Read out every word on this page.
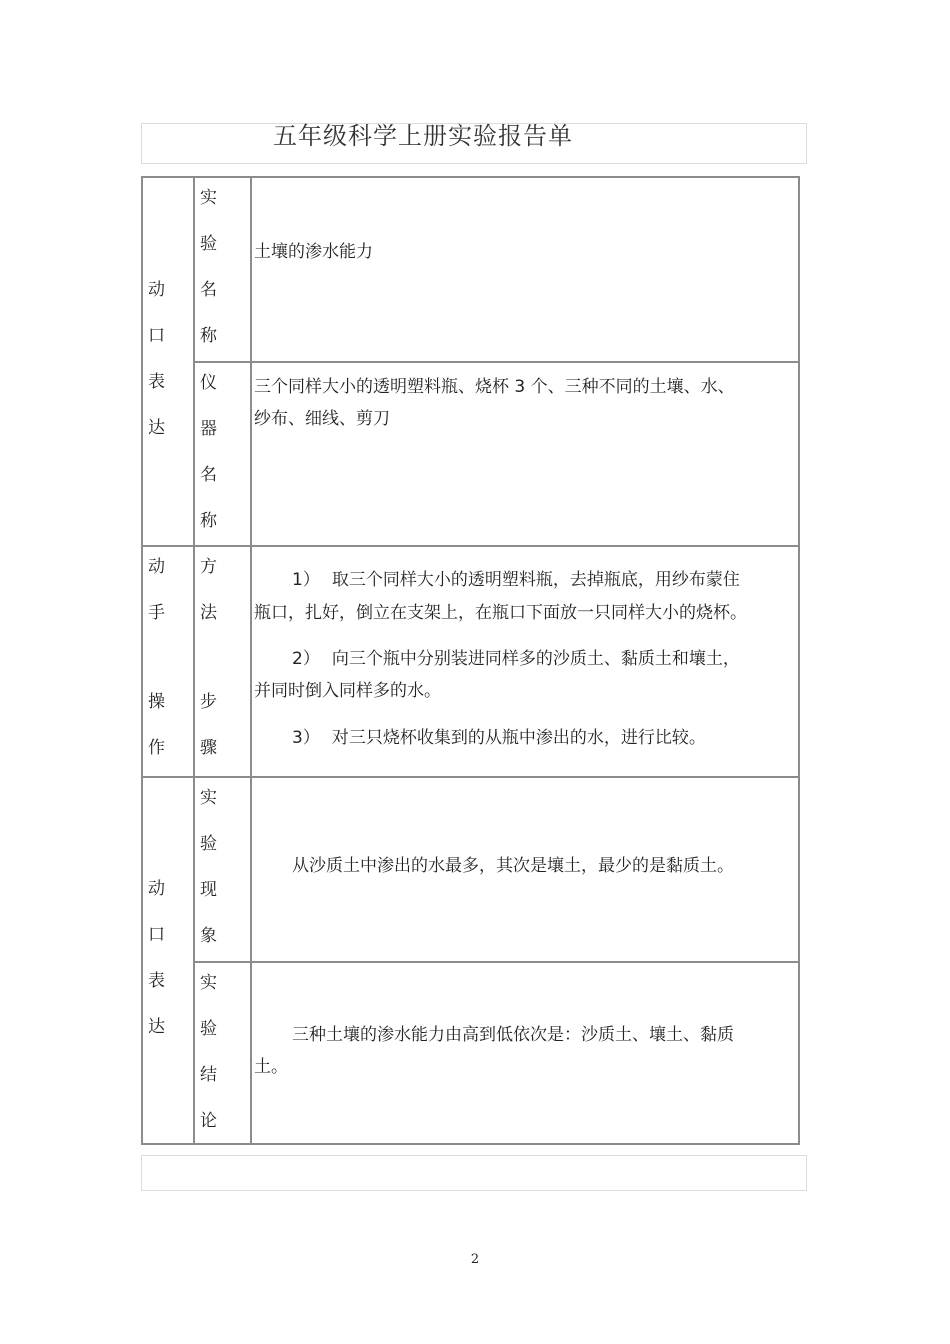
五年级科学上册实验报告单
动
口
表
达
动
手
操
作
动
口
表
达
实
验
名
称
仪
器
名
称
方
法
步
骤
实
验
现
象
实
验
结
论
土壤的渗水能力
三个同样大小的透明塑料瓶、烧杯 3 个、三种不同的土壤、水、
纱布、细线、剪刀
1） 取三个同样大小的透明塑料瓶，去掉瓶底，用纱布蒙住
瓶口，扎好，倒立在支架上，在瓶口下面放一只同样大小的烧杯。
2） 向三个瓶中分别装进同样多的沙质土、黏质土和壤土，
并同时倒入同样多的水。
3） 对三只烧杯收集到的从瓶中渗出的水，进行比较。
从沙质土中渗出的水最多，其次是壤土，最少的是黏质土。
三种土壤的渗水能力由高到低依次是：沙质土、壤土、黏质
土。
2
